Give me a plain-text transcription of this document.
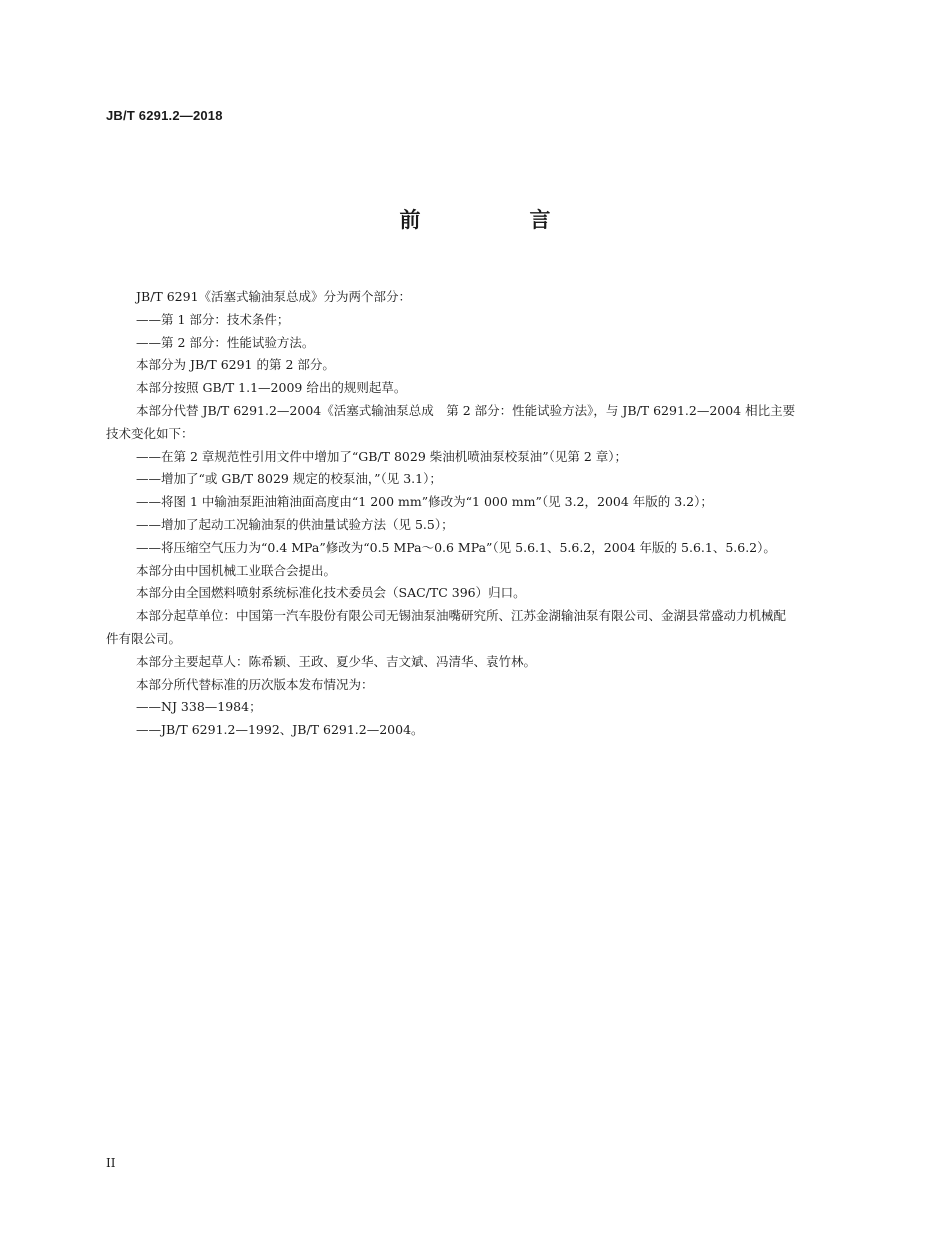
JB/T 6291.2—2018
前　言

JB/T 6291《活塞式输油泵总成》分为两个部分：

——第 1 部分：技术条件；

——第 2 部分：性能试验方法。

本部分为 JB/T 6291 的第 2 部分。

本部分按照 GB/T 1.1—2009 给出的规则起草。

本部分代替 JB/T 6291.2—2004《活塞式输油泵总成　第 2 部分：性能试验方法》，与 JB/T 6291.2—2004 相比主要技术变化如下：

——在第 2 章规范性引用文件中增加了“GB/T 8029 柴油机喷油泵校泵油”（见第 2 章）；

——增加了“或 GB/T 8029 规定的校泵油，”（见 3.1）；

——将图 1 中输油泵距油箱油面高度由“1 200 mm”修改为“1 000 mm”（见 3.2，2004 年版的 3.2）；

——增加了起动工况输油泵的供油量试验方法（见 5.5）；

——将压缩空气压力为“0.4 MPa”修改为“0.5 MPa～0.6 MPa”（见 5.6.1、5.6.2，2004 年版的 5.6.1、5.6.2）。

本部分由中国机械工业联合会提出。

本部分由全国燃料喷射系统标准化技术委员会（SAC/TC 396）归口。

本部分起草单位：中国第一汽车股份有限公司无锡油泵油嘴研究所、江苏金湖输油泵有限公司、金湖县常盛动力机械配件有限公司。

本部分主要起草人：陈希颖、王政、夏少华、吉文斌、冯清华、袁竹林。

本部分所代替标准的历次版本发布情况为：

——NJ 338—1984；

——JB/T 6291.2—1992、JB/T 6291.2—2004。

II
